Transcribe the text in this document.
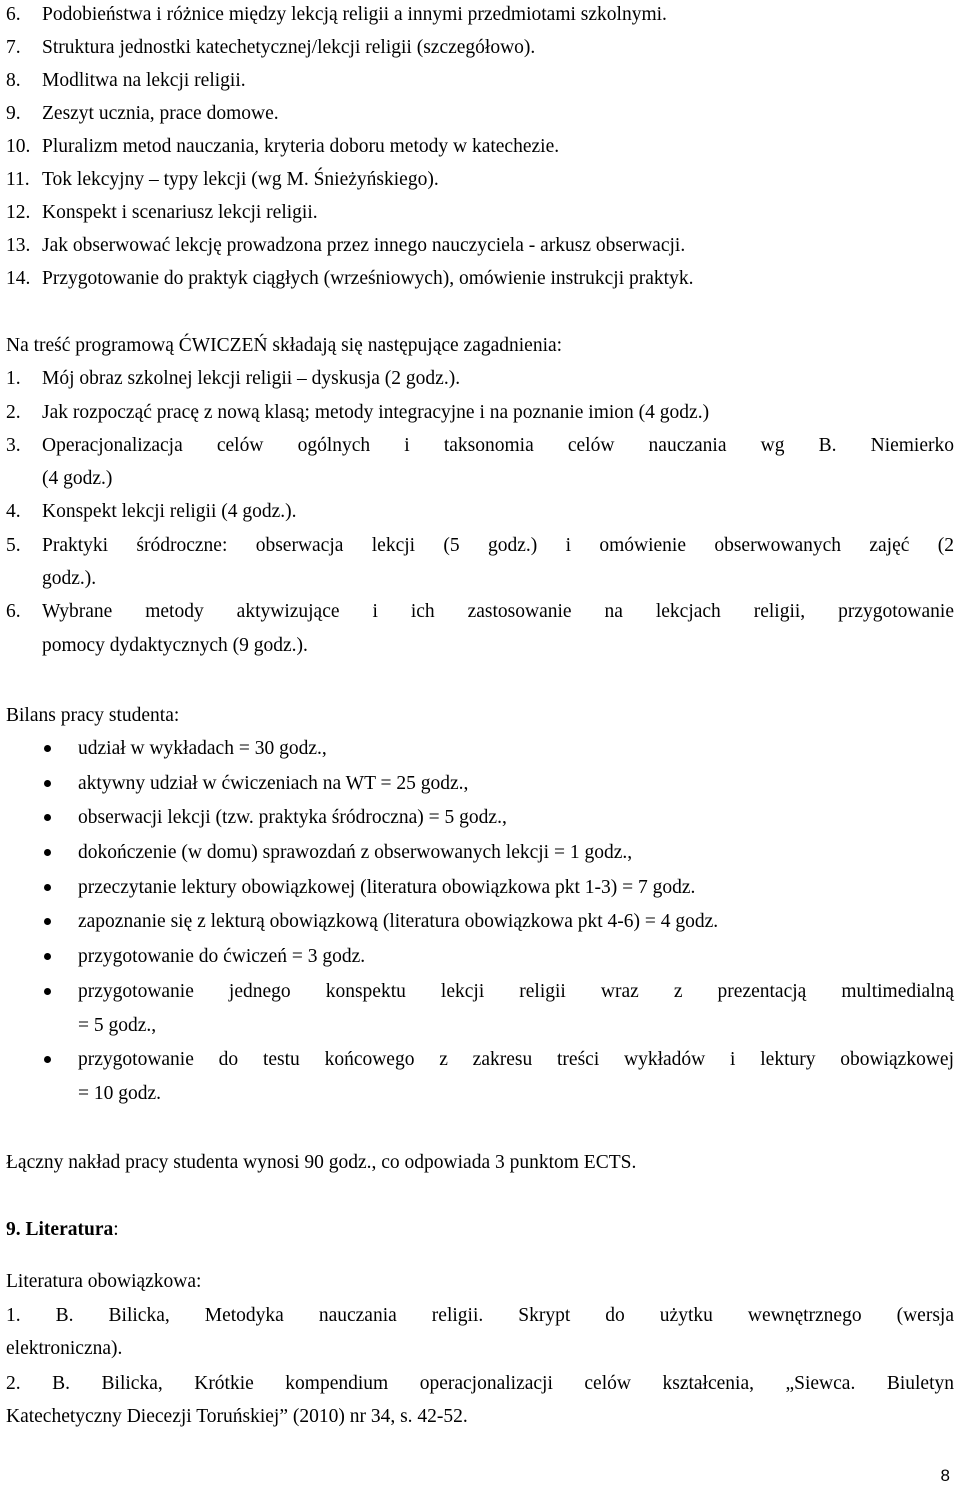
6. Podobieństwa i różnice między lekcją religii a innymi przedmiotami szkolnymi.
7. Struktura jednostki katechetycznej/lekcji religii (szczegółowo).
8. Modlitwa na lekcji religii.
9. Zeszyt ucznia, prace domowe.
10. Pluralizm metod nauczania, kryteria doboru metody w katechezie.
11. Tok lekcyjny – typy lekcji (wg M. Śnieżyńskiego).
12. Konspekt i scenariusz lekcji religii.
13. Jak obserwować lekcję prowadzona przez innego nauczyciela - arkusz obserwacji.
14. Przygotowanie do praktyk ciągłych (wrześniowych), omówienie instrukcji praktyk.
Na treść programową ĆWICZEŃ składają się następujące zagadnienia:
1. Mój obraz szkolnej lekcji religii – dyskusja (2 godz.).
2. Jak rozpocząć pracę z nową klasą; metody integracyjne i na poznanie imion (4 godz.)
3.	Operacjonalizacja celów ogólnych i taksonomia celów nauczania wg B. Niemierko
(4 godz.)
4. Konspekt lekcji religii (4 godz.).
5.	Praktyki śródroczne: obserwacja lekcji (5 godz.) i omówienie obserwowanych zajęć (2
godz.).
6.	Wybrane metody aktywizujące i ich zastosowanie na lekcjach religii, przygotowanie
pomocy dydaktycznych (9 godz.).
Bilans pracy studenta:
udział w wykładach = 30 godz.,
aktywny udział w ćwiczeniach na WT = 25 godz.,
obserwacji lekcji (tzw. praktyka śródroczna) = 5 godz.,
dokończenie (w domu) sprawozdań z obserwowanych lekcji = 1 godz.,
przeczytanie lektury obowiązkowej (literatura obowiązkowa pkt 1-3) = 7 godz.
zapoznanie się z lekturą obowiązkową (literatura obowiązkowa pkt 4-6) = 4 godz.
przygotowanie do ćwiczeń = 3 godz.
przygotowanie jednego konspektu lekcji religii wraz z prezentacją multimedialną
= 5 godz.,
przygotowanie do testu końcowego z zakresu treści wykładów i lektury obowiązkowej
= 10 godz.
Łączny nakład pracy studenta wynosi 90 godz., co odpowiada 3 punktom ECTS.
9. Literatura:
Literatura obowiązkowa:
1. B. Bilicka, Metodyka nauczania religii. Skrypt do użytku wewnętrznego (wersja
elektroniczna).
2. B. Bilicka, Krótkie kompendium operacjonalizacji celów kształcenia, „Siewca. Biuletyn
Katechetyczny Diecezji Toruńskiej” (2010) nr 34, s. 42-52.
8
